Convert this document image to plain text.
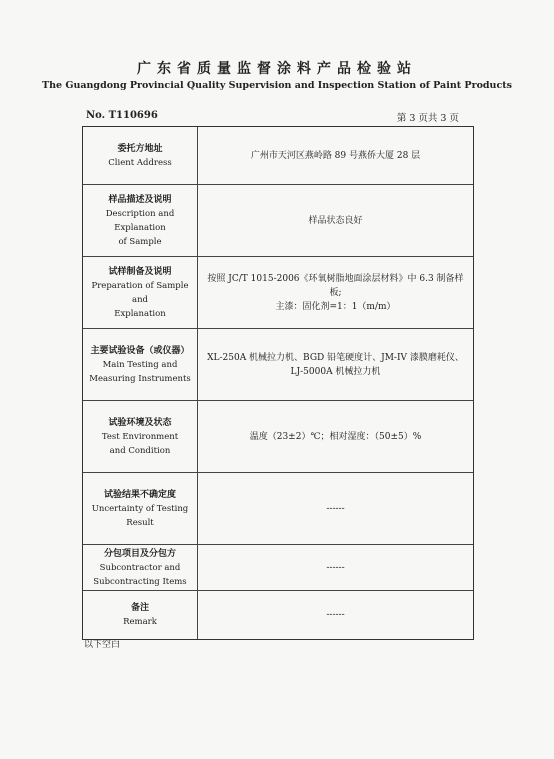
广东省质量监督涂料产品检验站
The Guangdong Provincial Quality Supervision and Inspection Station of Paint Products
No. T110696	第 3 页共 3 页
委托方地址
Client Address
广州市天河区燕岭路 89 号燕侨大厦 28 层
样品描述及说明
Description and Explanation
of Sample
样品状态良好
试样制备及说明
Preparation of Sample and
Explanation
按照 JC/T 1015-2006《环氧树脂地面涂层材料》中 6.3 制备样板;
主漆：固化剂=1：1（m/m）
主要试验设备（或仪器）
Main Testing and
Measuring Instruments
XL-250A 机械拉力机、BGD 铅笔硬度计、JM-IV 漆膜磨耗仪、
LJ-5000A 机械拉力机
试验环境及状态
Test Environment
and Condition
温度（23±2）℃；相对湿度：（50±5）%
试验结果不确定度
Uncertainty of Testing
Result
------
分包项目及分包方
Subcontractor and
Subcontracting Items
------
备注
Remark
------
以下空白
